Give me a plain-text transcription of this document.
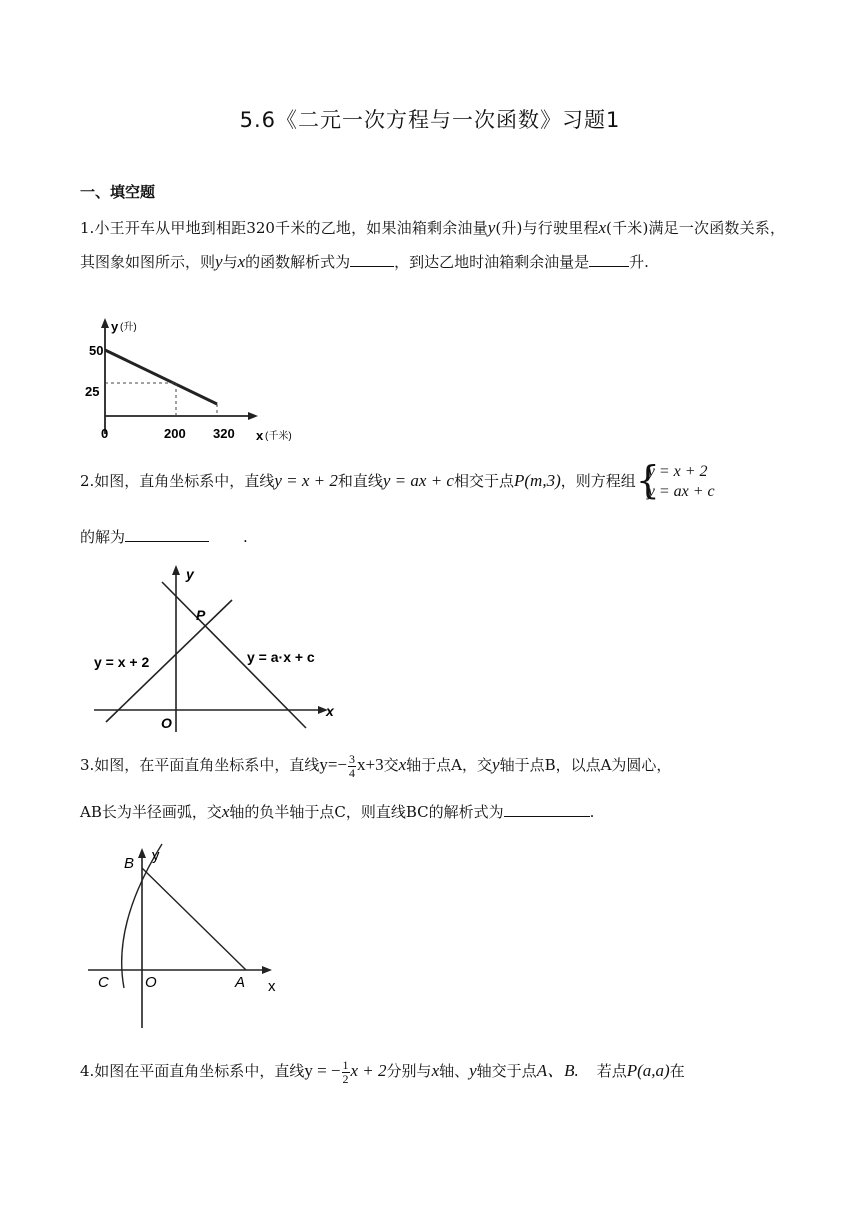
5.6《二元一次方程与一次函数》习题1
一、填空题
1.小王开车从甲地到相距320千米的乙地，如果油箱剩余油量y(升)与行驶里程x(千米)满足一次函数关系，其图象如图所示，则y与x的函数解析式为	，到达乙地时油箱剩余油量是	升.
y (升)
50
25
0	200 320 x (千米)
2.如图，直角坐标系中，直线y = x + 2和直线y = ax + c相交于点P(m,3)，则方程组 {
y = x + 2
y = ax + c
的解为	.
y
x
O
P
y = x + 2	y = a·x + c
3.如图，在平面直角坐标系中，直线$y=- \frac{3}{4} x+3$交x轴于点A，交y轴于点B，以点A为圆心，
AB长为半径画弧，交x轴的负半轴于点C，则直线BC的解析式为	.
y
x
B
C O	A
4.如图在平面直角坐标系中，直线y = − $\frac{1}{2}$ x + 2分别与x轴、y轴交于点A、B. 若点P(a,a)在
